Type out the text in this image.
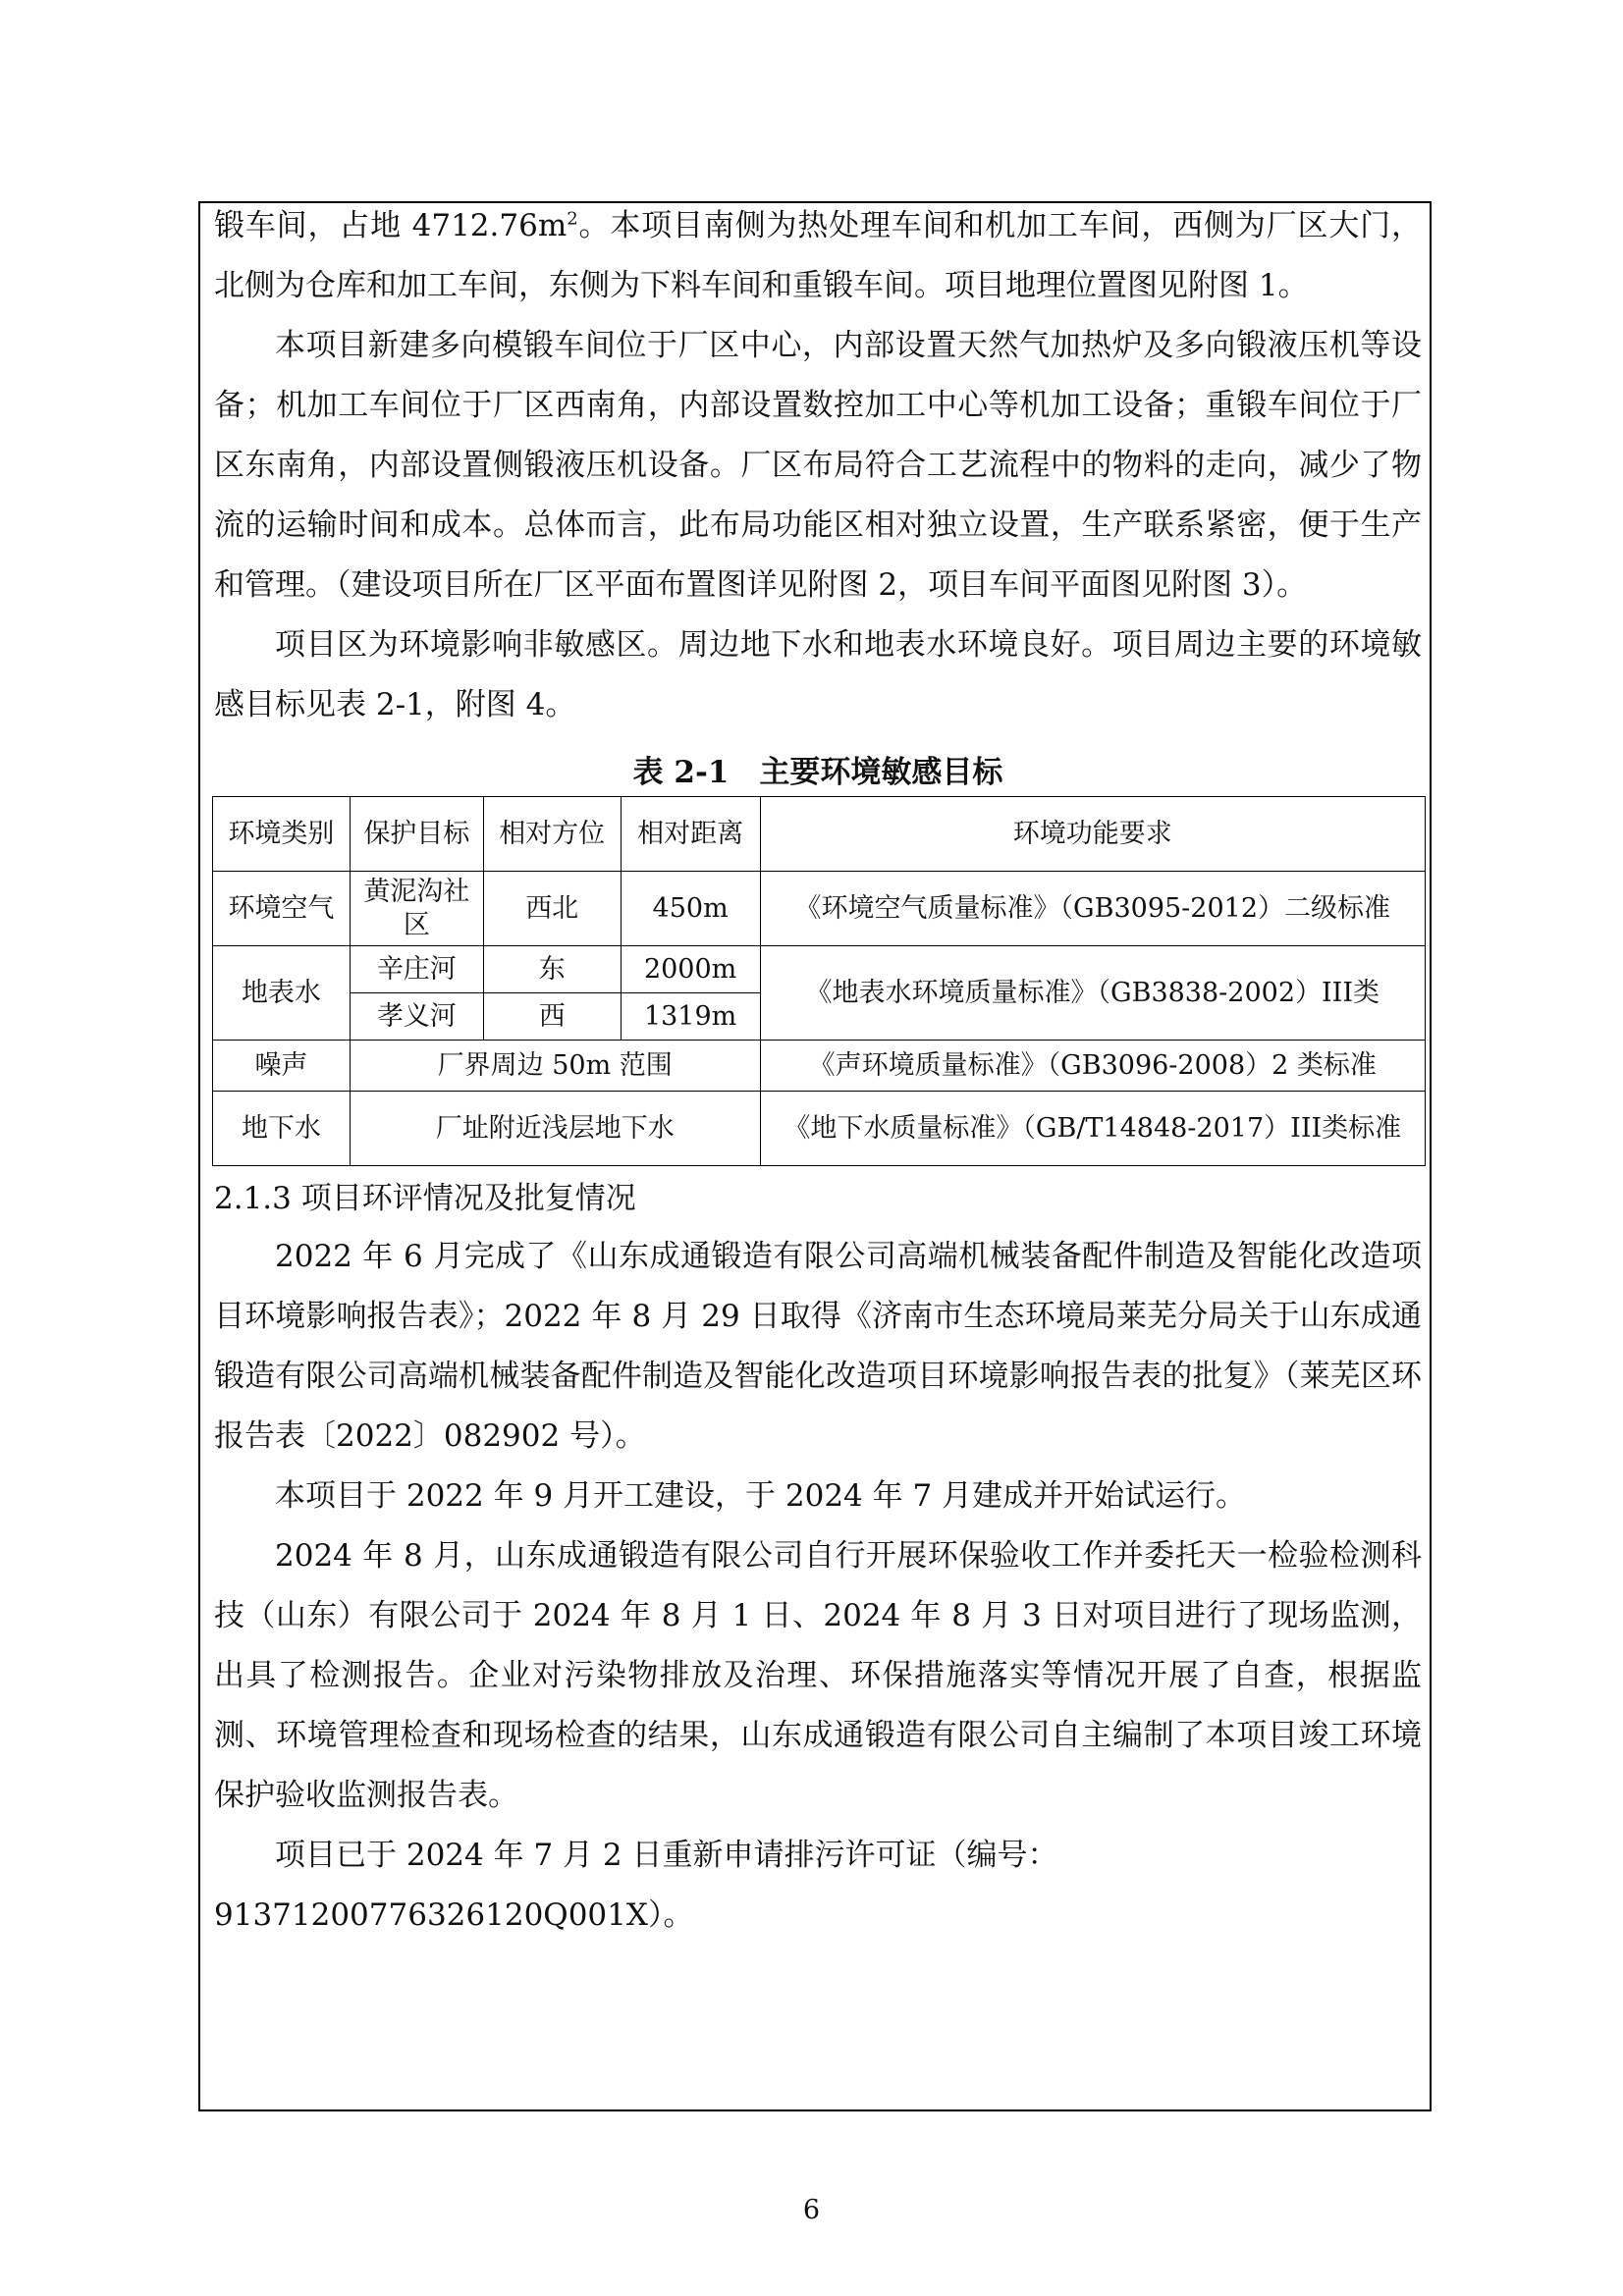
锻车间，占地 $4712.76m^2$。本项目南侧为热处理车间和机加工车间，西侧为厂区大门，北侧为仓库和加工车间，东侧为下料车间和重锻车间。项目地理位置图见附图 1。

本项目新建多向模锻车间位于厂区中心，内部设置天然气加热炉及多向锻液压机等设备；机加工车间位于厂区西南角，内部设置数控加工中心等机加工设备；重锻车间位于厂区东南角，内部设置侧锻液压机设备。厂区布局符合工艺流程中的物料的走向，减少了物流的运输时间和成本。总体而言，此布局功能区相对独立设置，生产联系紧密，便于生产和管理。（建设项目所在厂区平面布置图详见附图 2，项目车间平面图见附图 3）。

项目区为环境影响非敏感区。周边地下水和地表水环境良好。项目周边主要的环境敏感目标见表 2-1，附图 4。

表 2-1　主要环境敏感目标
环境类别	保护目标	相对方位	相对距离	环境功能要求
环境空气	黄泥沟社区	西北	450m	《环境空气质量标准》（GB3095-2012）二级标准
地表水	辛庄河	东	2000m	《地表水环境质量标准》（GB3838-2002）III类
	孝义河	西	1319m	
噪声	厂界周边 50m 范围			《声环境质量标准》（GB3096-2008）2 类标准
地下水	厂址附近浅层地下水			《地下水质量标准》（GB/T14848-2017）III类标准

2.1.3 项目环评情况及批复情况

2022 年 6 月完成了《山东成通锻造有限公司高端机械装备配件制造及智能化改造项目环境影响报告表》；2022 年 8 月 29 日取得《济南市生态环境局莱芜分局关于山东成通锻造有限公司高端机械装备配件制造及智能化改造项目环境影响报告表的批复》（莱芜区环报告表〔2022〕082902 号）。

本项目于 2022 年 9 月开工建设，于 2024 年 7 月建成并开始试运行。

2024 年 8 月，山东成通锻造有限公司自行开展环保验收工作并委托天一检验检测科技（山东）有限公司于 2024 年 8 月 1 日、2024 年 8 月 3 日对项目进行了现场监测，出具了检测报告。企业对污染物排放及治理、环保措施落实等情况开展了自查，根据监测、环境管理检查和现场检查的结果，山东成通锻造有限公司自主编制了本项目竣工环境保护验收监测报告表。

项目已于 2024 年 7 月 2 日重新申请排污许可证（编号：

91371200776326120Q001X）。

6
